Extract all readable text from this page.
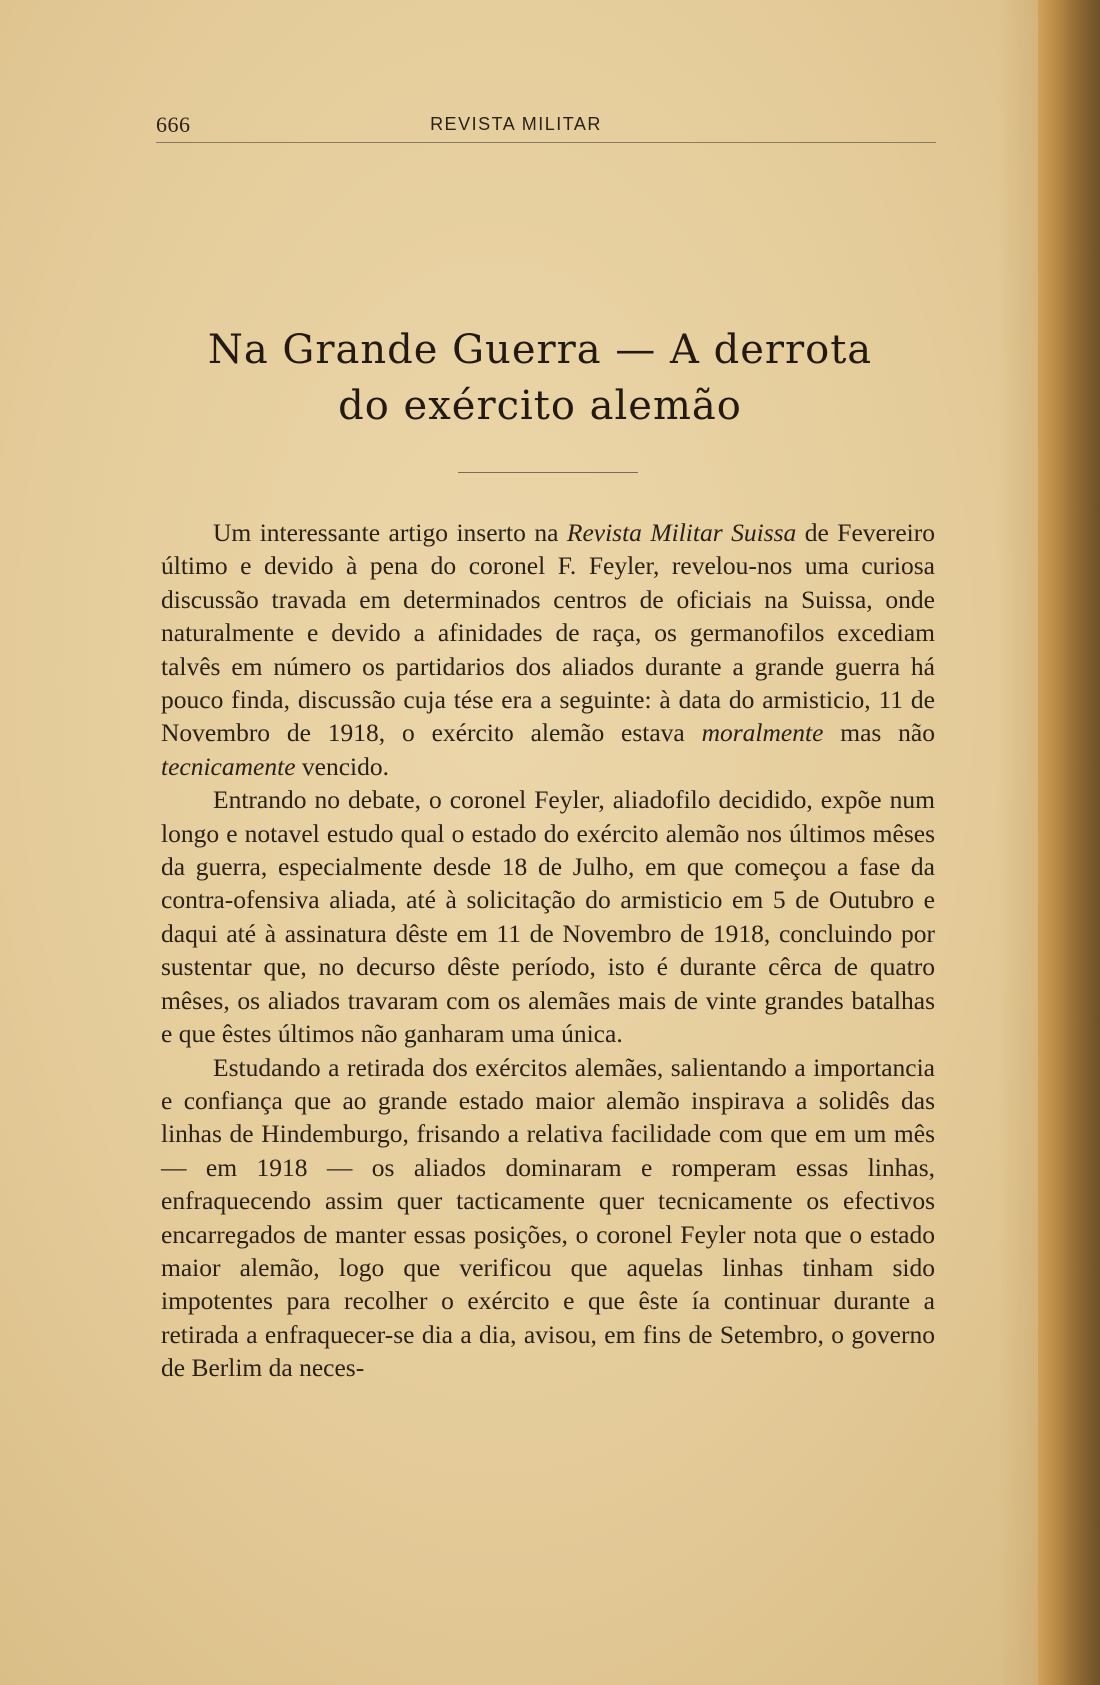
666	REVISTA MILITAR
Na Grande Guerra — A derrota
do exército alemão

Um interessante artigo inserto na Revista Militar Suissa de Fevereiro último e devido à pena do coronel F. Feyler, revelou-nos uma curiosa discussão travada em determinados centros de oficiais na Suissa, onde naturalmente e devido a afinidades de raça, os germanofilos excediam talvês em número os partidarios dos aliados durante a grande guerra há pouco finda, discussão cuja tése era a seguinte: à data do armisticio, 11 de Novembro de 1918, o exército alemão estava moralmente mas não tecnicamente vencido.

Entrando no debate, o coronel Feyler, aliadofilo decidido, expõe num longo e notavel estudo qual o estado do exército alemão nos últimos mêses da guerra, especialmente desde 18 de Julho, em que começou a fase da contra-ofensiva aliada, até à solicitação do armisticio em 5 de Outubro e daqui até à assinatura dêste em 11 de Novembro de 1918, concluindo por sustentar que, no decurso dêste período, isto é durante cêrca de quatro mêses, os aliados travaram com os alemães mais de vinte grandes batalhas e que êstes últimos não ganharam uma única.

Estudando a retirada dos exércitos alemães, salientando a importancia e confiança que ao grande estado maior alemão inspirava a solidês das linhas de Hindemburgo, frisando a relativa facilidade com que em um mês — em 1918 — os aliados dominaram e romperam essas linhas, enfraquecendo assim quer tacticamente quer tecnicamente os efectivos encarregados de manter essas posições, o coronel Feyler nota que o estado maior alemão, logo que verificou que aquelas linhas tinham sido impotentes para recolher o exército e que êste ía continuar durante a retirada a enfraquecer-se dia a dia, avisou, em fins de Setembro, o governo de Berlim da neces-
